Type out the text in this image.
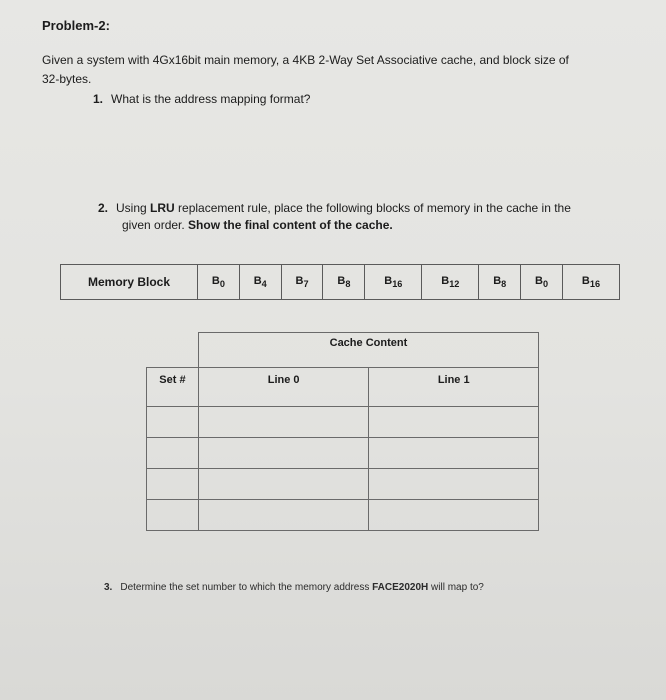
Problem-2:
Given a system with 4Gx16bit main memory, a 4KB 2-Way Set Associative cache, and block size of
32-bytes.
1. What is the address mapping format?
2. Using LRU replacement rule, place the following blocks of memory in the cache in the
given order. Show the final content of the cache.
Memory Block	$B_0$	$B_4$	$B_7$	$B_8$	$B_{16}$	$B_{12}$	$B_8$	$B_0$	$B_{16}$
	Cache Content	
Set #	Line 0	Line 1

3. Determine the set number to which the memory address FACE2020H will map to?
